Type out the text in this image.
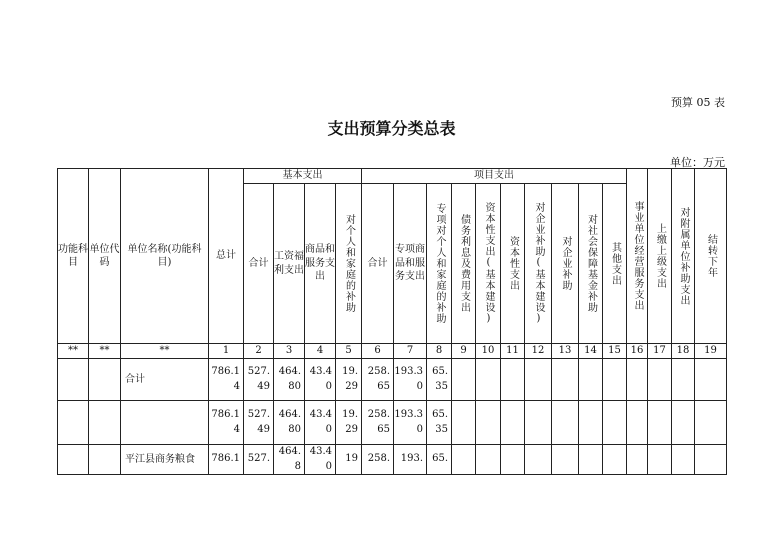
预算 05 表
支出预算分类总表
单位：万元
功能科目	单位代码	单位名称(功能科目)	总计	基本支出				项目支出										事业单位经营服务支出	上缴上级支出	对附属单位补助支出	结转下年

				合计	工资福利支出	商品和服务支出	对个人和家庭的补助	合计	专项商品和服务支出	专项对个人和家庭的补助	债务利息及费用支出	资本性支出(基本建设)	资本性支出	对企业补助(基本建设)	对企业补助	对社会保障基金补助	其他支出				

**	**	**	1	2	3	4	5	6	7	8	9	10	11	12	13	14	15	16	17	18	19
		合计	786.14	527.49	464.80	43.40	19.29	258.65	193.30	65.35											
			786.14	527.49	464.80	43.40	19.29	258.65	193.30	65.35											
		平江县商务粮食	786.1	527.	464.8	43.40	19	258.	193.	65.											
